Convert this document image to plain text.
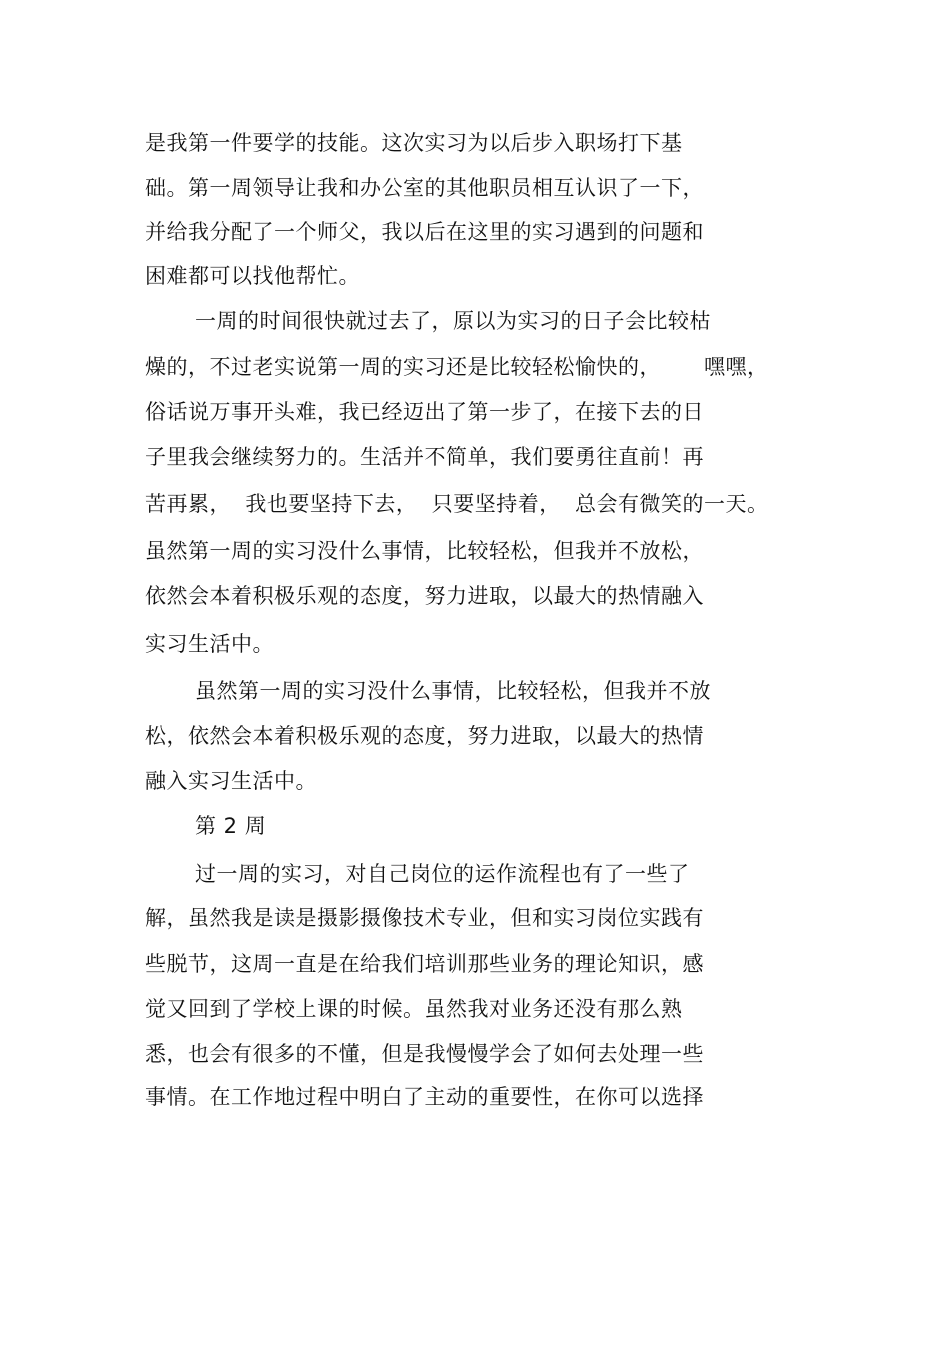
是我第一件要学的技能。这次实习为以后步入职场打下基
础。第一周领导让我和办公室的其他职员相互认识了一下，
并给我分配了一个师父，我以后在这里的实习遇到的问题和
困难都可以找他帮忙。
一周的时间很快就过去了，原以为实习的日子会比较枯
燥的，不过老实说第一周的实习还是比较轻松愉快的，      嘿嘿，
俗话说万事开头难，我已经迈出了第一步了，在接下去的日
子里我会继续努力的。生活并不简单，我们要勇往直前！再
苦再累，  我也要坚持下去，  只要坚持着，  总会有微笑的一天。
虽然第一周的实习没什么事情，比较轻松，但我并不放松，
依然会本着积极乐观的态度，努力进取，以最大的热情融入
实习生活中。
虽然第一周的实习没什么事情，比较轻松，但我并不放
松，依然会本着积极乐观的态度，努力进取，以最大的热情
融入实习生活中。
第 2 周
过一周的实习，对自己岗位的运作流程也有了一些了
解，虽然我是读是摄影摄像技术专业，但和实习岗位实践有
些脱节，这周一直是在给我们培训那些业务的理论知识，感
觉又回到了学校上课的时候。虽然我对业务还没有那么熟
悉，也会有很多的不懂，但是我慢慢学会了如何去处理一些
事情。在工作地过程中明白了主动的重要性，在你可以选择
